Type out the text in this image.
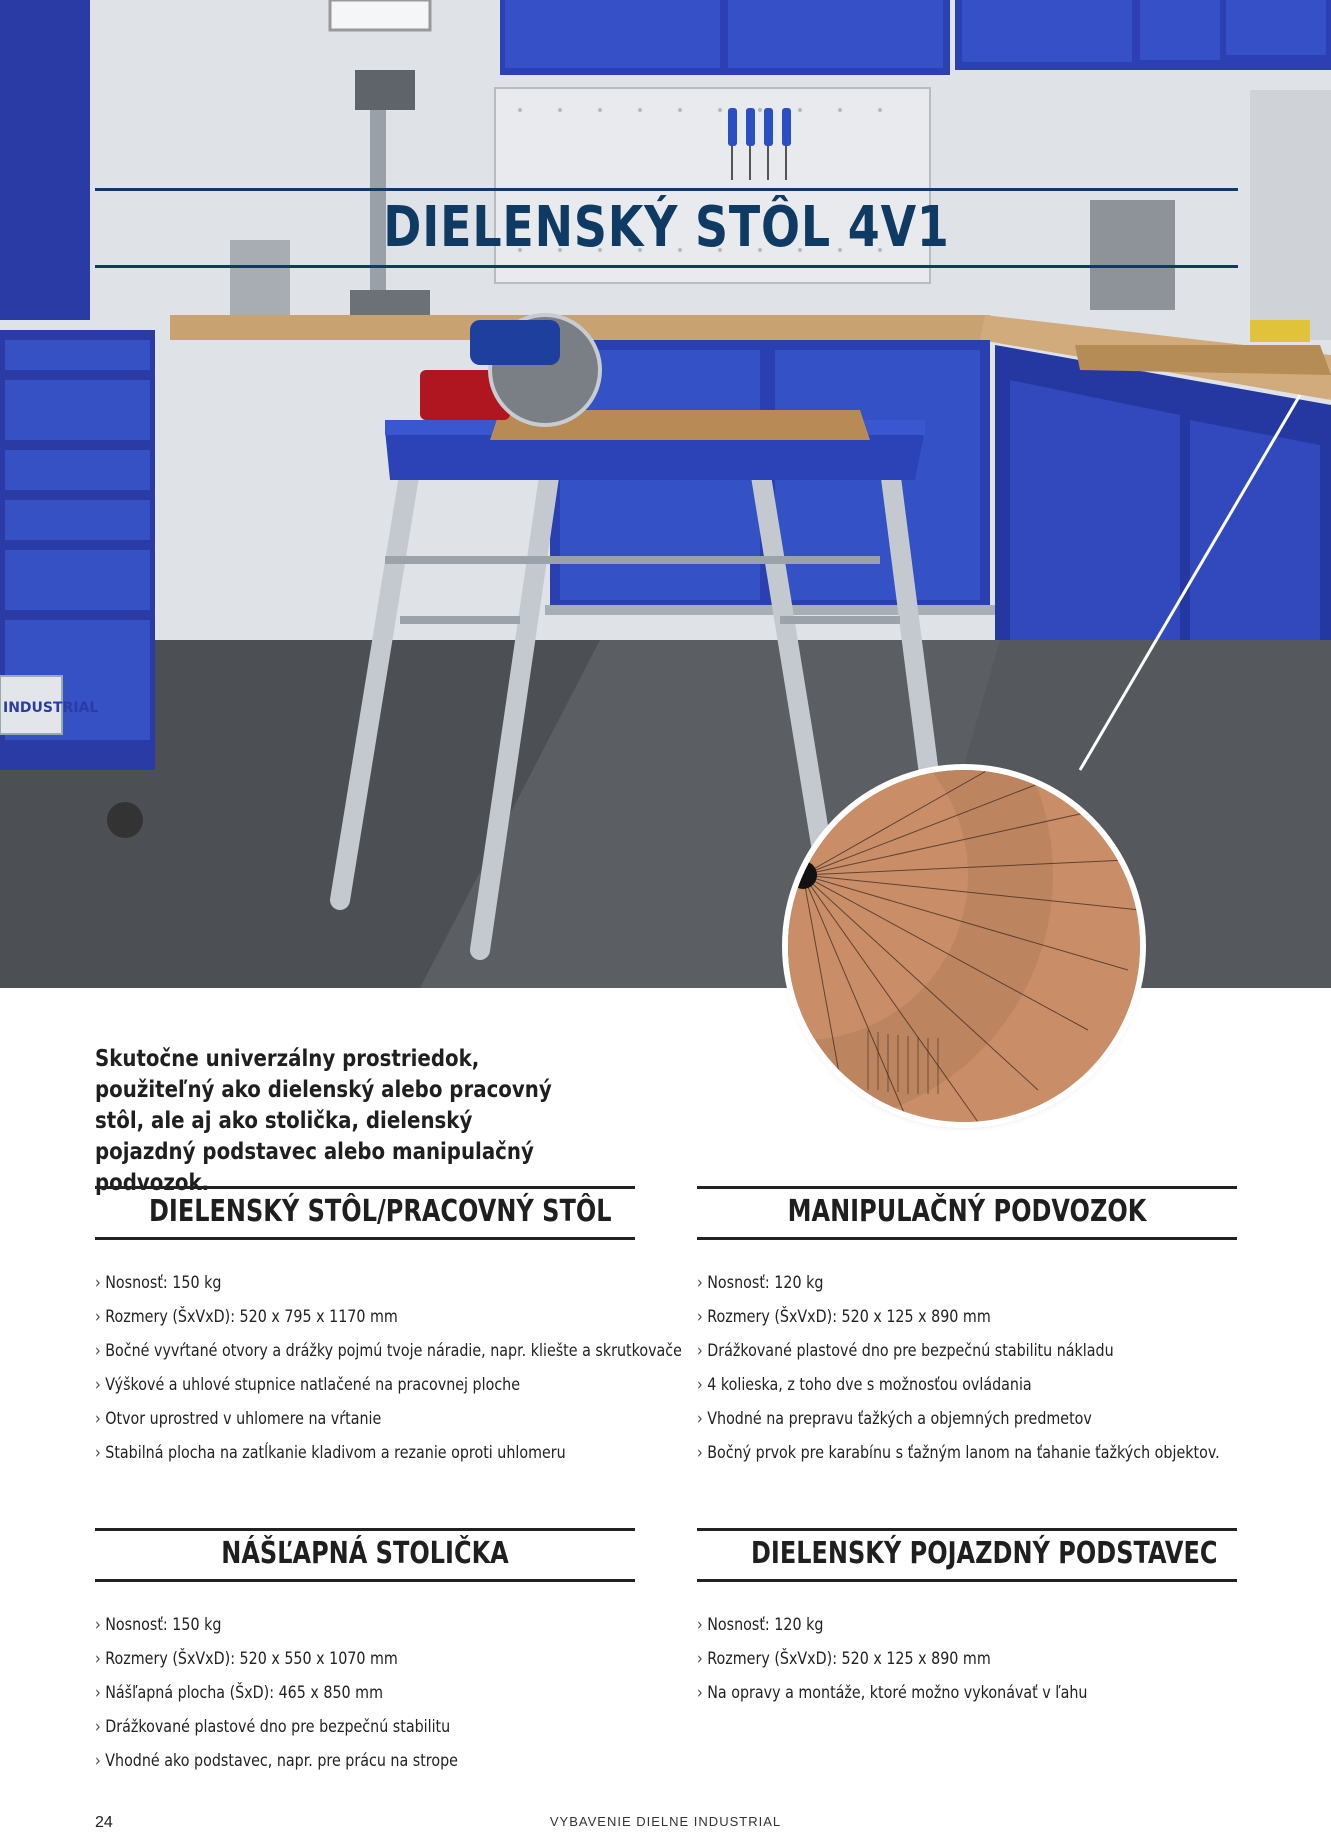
INDUSTRIAL
DIELENSKÝ STÔL 4V1
Skutočne univerzálny prostriedok, použiteľný ako dielenský alebo pracovný stôl, ale aj ako stolička, dielenský pojazdný podstavec alebo manipulačný podvozok.
DIELENSKÝ STÔL/PRACOVNÝ STÔL
› Nosnosť: 150 kg
› Rozmery (ŠxVxD): 520 x 795 x 1170 mm
› Bočné vyvŕtané otvory a drážky pojmú tvoje náradie, napr. kliešte a skrutkovače
› Výškové a uhlové stupnice natlačené na pracovnej ploche
› Otvor uprostred v uhlomere na vŕtanie
› Stabilná plocha na zatĺkanie kladivom a rezanie oproti uhlomeru
MANIPULAČNÝ PODVOZOK
› Nosnosť: 120 kg
› Rozmery (ŠxVxD): 520 x 125 x 890 mm
› Drážkované plastové dno pre bezpečnú stabilitu nákladu
› 4 kolieska, z toho dve s možnosťou ovládania
› Vhodné na prepravu ťažkých a objemných predmetov
› Bočný prvok pre karabínu s ťažným lanom na ťahanie ťažkých objektov.
NÁŠĽAPNÁ STOLIČKA
› Nosnosť: 150 kg
› Rozmery (ŠxVxD): 520 x 550 x 1070 mm
› Nášľapná plocha (ŠxD): 465 x 850 mm
› Drážkované plastové dno pre bezpečnú stabilitu
› Vhodné ako podstavec, napr. pre prácu na strope
DIELENSKÝ POJAZDNÝ PODSTAVEC
› Nosnosť: 120 kg
› Rozmery (ŠxVxD): 520 x 125 x 890 mm
› Na opravy a montáže, ktoré možno vykonávať v ľahu
24	VYBAVENIE DIELNE INDUSTRIAL
